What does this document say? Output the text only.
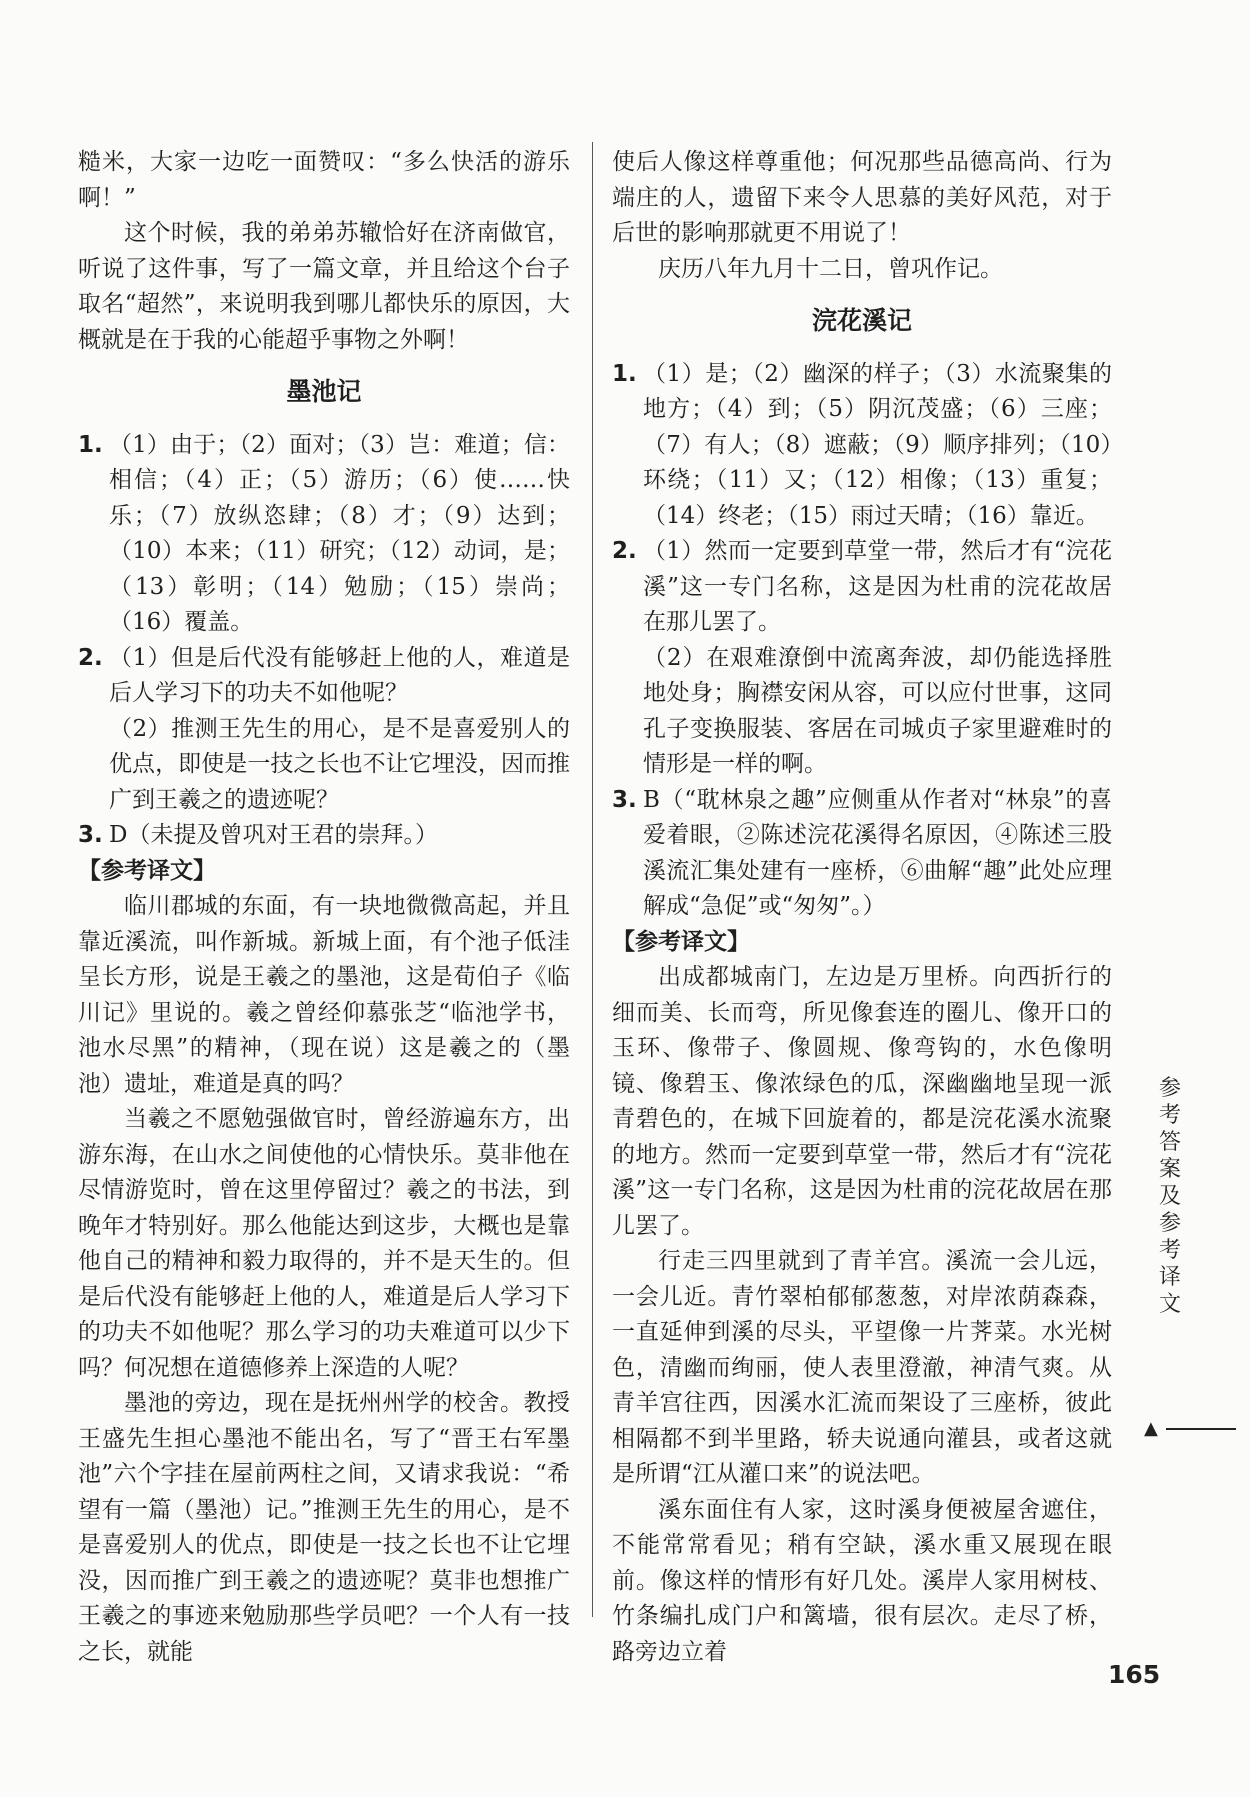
糙米，大家一边吃一面赞叹：“多么快活的游乐啊！”

这个时候，我的弟弟苏辙恰好在济南做官，听说了这件事，写了一篇文章，并且给这个台子取名“超然”，来说明我到哪儿都快乐的原因，大概就是在于我的心能超乎事物之外啊！

墨池记
1. （1）由于；（2）面对；（3）岂：难道；信：相信；（4）正；（5）游历；（6）使……快乐；（7）放纵恣肆；（8）才；（9）达到；（10）本来；（11）研究；（12）动词，是；（13）彰明；（14）勉励；（15）崇尚；（16）覆盖。
2. （1）但是后代没有能够赶上他的人，难道是后人学习下的功夫不如他呢？

（2）推测王先生的用心，是不是喜爱别人的优点，即使是一技之长也不让它埋没，因而推广到王羲之的遗迹呢？

3. D（未提及曾巩对王君的崇拜。）

【参考译文】

临川郡城的东面，有一块地微微高起，并且靠近溪流，叫作新城。新城上面，有个池子低洼呈长方形，说是王羲之的墨池，这是荀伯子《临川记》里说的。羲之曾经仰慕张芝“临池学书，池水尽黑”的精神，（现在说）这是羲之的（墨池）遗址，难道是真的吗？

当羲之不愿勉强做官时，曾经游遍东方，出游东海，在山水之间使他的心情快乐。莫非他在尽情游览时，曾在这里停留过？羲之的书法，到晚年才特别好。那么他能达到这步，大概也是靠他自己的精神和毅力取得的，并不是天生的。但是后代没有能够赶上他的人，难道是后人学习下的功夫不如他呢？那么学习的功夫难道可以少下吗？何况想在道德修养上深造的人呢？

墨池的旁边，现在是抚州州学的校舍。教授王盛先生担心墨池不能出名，写了“晋王右军墨池”六个字挂在屋前两柱之间，又请求我说：“希望有一篇（墨池）记。”推测王先生的用心，是不是喜爱别人的优点，即使是一技之长也不让它埋没，因而推广到王羲之的遗迹呢？莫非也想推广王羲之的事迹来勉励那些学员吧？一个人有一技之长，就能

使后人像这样尊重他；何况那些品德高尚、行为端庄的人，遗留下来令人思慕的美好风范，对于后世的影响那就更不用说了！

庆历八年九月十二日，曾巩作记。

浣花溪记
1. （1）是；（2）幽深的样子；（3）水流聚集的地方；（4）到；（5）阴沉茂盛；（6）三座；（7）有人；（8）遮蔽；（9）顺序排列；（10）环绕；（11）又；（12）相像；（13）重复；（14）终老；（15）雨过天晴；（16）靠近。
2. （1）然而一定要到草堂一带，然后才有“浣花溪”这一专门名称，这是因为杜甫的浣花故居在那儿罢了。

（2）在艰难潦倒中流离奔波，却仍能选择胜地处身；胸襟安闲从容，可以应付世事，这同孔子变换服装、客居在司城贞子家里避难时的情形是一样的啊。

3. B（“耽林泉之趣”应侧重从作者对“林泉”的喜爱着眼，②陈述浣花溪得名原因，④陈述三股溪流汇集处建有一座桥，⑥曲解“趣”此处应理解成“急促”或“匆匆”。）

【参考译文】

出成都城南门，左边是万里桥。向西折行的细而美、长而弯，所见像套连的圈儿、像开口的玉环、像带子、像圆规、像弯钩的，水色像明镜、像碧玉、像浓绿色的瓜，深幽幽地呈现一派青碧色的，在城下回旋着的，都是浣花溪水流聚的地方。然而一定要到草堂一带，然后才有“浣花溪”这一专门名称，这是因为杜甫的浣花故居在那儿罢了。

行走三四里就到了青羊宫。溪流一会儿远，一会儿近。青竹翠柏郁郁葱葱，对岸浓荫森森，一直延伸到溪的尽头，平望像一片荠菜。水光树色，清幽而绚丽，使人表里澄澈，神清气爽。从青羊宫往西，因溪水汇流而架设了三座桥，彼此相隔都不到半里路，轿夫说通向灌县，或者这就是所谓“江从灌口来”的说法吧。

溪东面住有人家，这时溪身便被屋舍遮住，不能常常看见；稍有空缺，溪水重又展现在眼前。像这样的情形有好几处。溪岸人家用树枝、竹条编扎成门户和篱墙，很有层次。走尽了桥，路旁边立着

参考答案及参考译文
▲
165
